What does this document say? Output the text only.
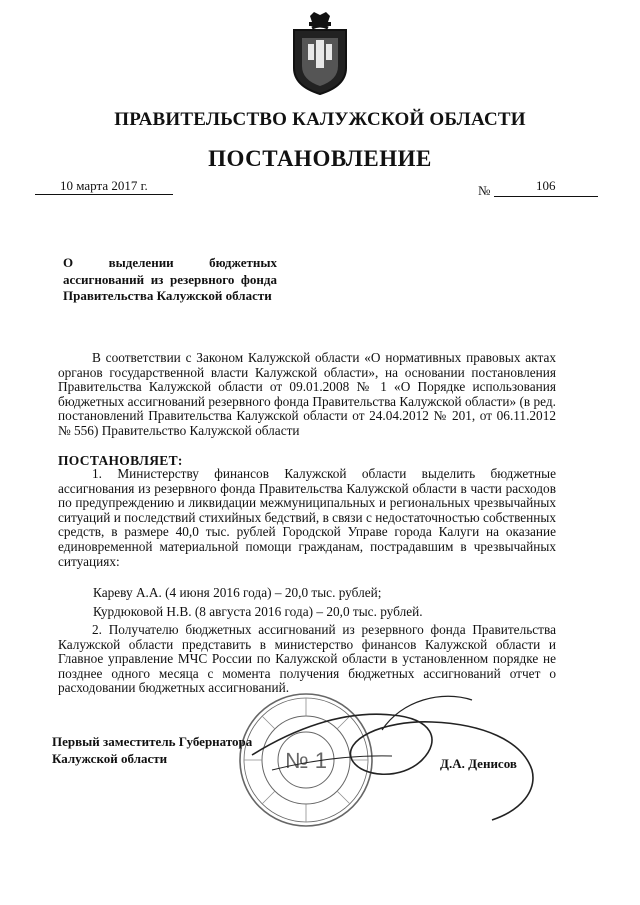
ПРАВИТЕЛЬСТВО КАЛУЖСКОЙ ОБЛАСТИ
ПОСТАНОВЛЕНИЕ
10 марта 2017 г.	№	106
О выделении бюджетных ассигнований из резервного фонда Правительства Калужской области
В соответствии с Законом Калужской области «О нормативных правовых актах органов государственной власти Калужской области», на основании постановления Правительства Калужской области от 09.01.2008 № 1 «О Порядке использования бюджетных ассигнований резервного фонда Правительства Калужской области» (в ред. постановлений Правительства Калужской области от 24.04.2012 № 201, от 06.11.2012 № 556) Правительство Калужской области
ПОСТАНОВЛЯЕТ:
1. Министерству финансов Калужской области выделить бюджетные ассигнования из резервного фонда Правительства Калужской области в части расходов по предупреждению и ликвидации межмуниципальных и региональных чрезвычайных ситуаций и последствий стихийных бедствий, в связи с недостаточностью собственных средств, в размере 40,0 тыс. рублей Городской Управе города Калуги на оказание единовременной материальной помощи гражданам, пострадавшим в чрезвычайных ситуациях:
Кареву А.А. (4 июня 2016 года) – 20,0 тыс. рублей;
Курдюковой Н.В. (8 августа 2016 года) – 20,0 тыс. рублей.
2. Получателю бюджетных ассигнований из резервного фонда Правительства Калужской области представить в министерство финансов Калужской области и Главное управление МЧС России по Калужской области в установленном порядке не позднее одного месяца с момента получения бюджетных ассигнований отчет о расходовании бюджетных ассигнований.
Первый заместитель Губернатора
Калужской области	Д.А. Денисов
№ 1
